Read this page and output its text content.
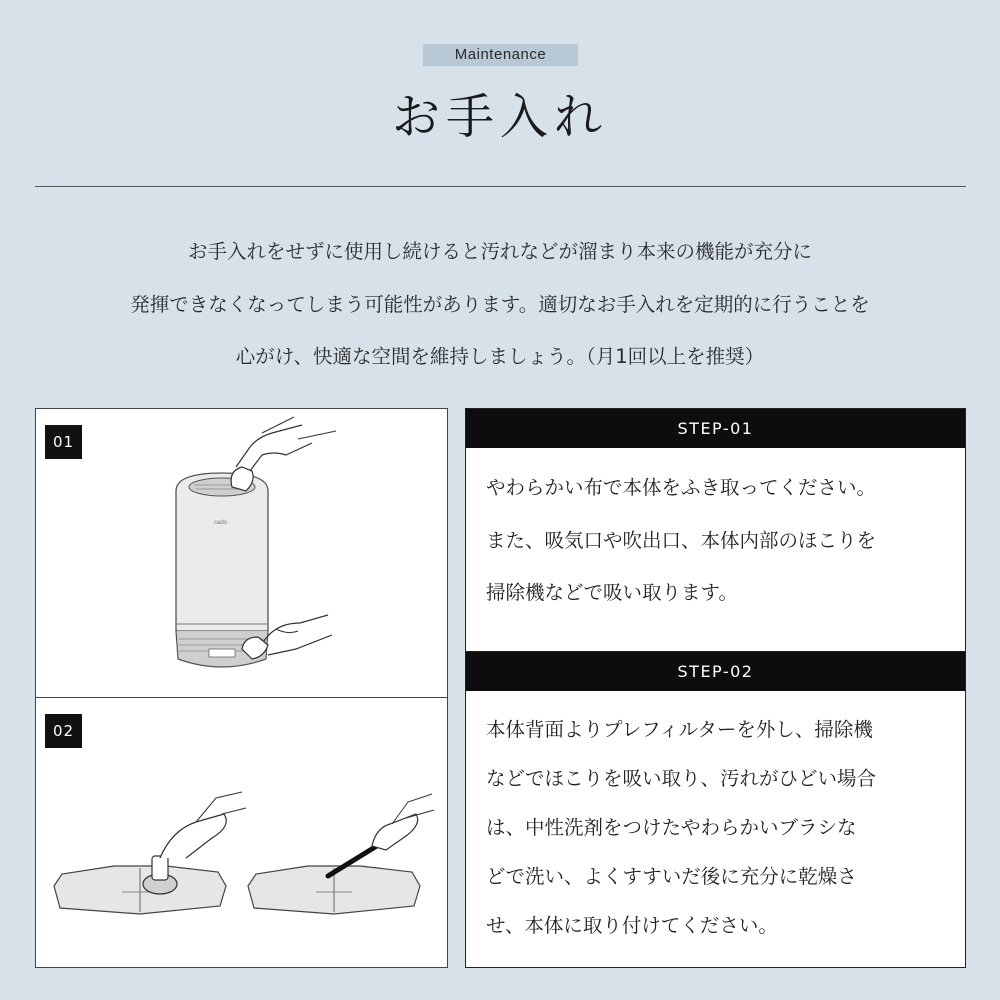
Maintenance
お手入れ

お手入れをせずに使用し続けると汚れなどが溜まり本来の機能が充分に

発揮できなくなってしまう可能性があります。適切なお手入れを定期的に行うことを

心がけ、快適な空間を維持しましょう。（月1回以上を推奨）

cado
01
02
STEP-01

やわらかい布で本体をふき取ってください。

また、吸気口や吹出口、本体内部のほこりを

掃除機などで吸い取ります。

STEP-02

本体背面よりプレフィルターを外し、掃除機

などでほこりを吸い取り、汚れがひどい場合

は、中性洗剤をつけたやわらかいブラシな

どで洗い、よくすすいだ後に充分に乾燥さ

せ、本体に取り付けてください。
